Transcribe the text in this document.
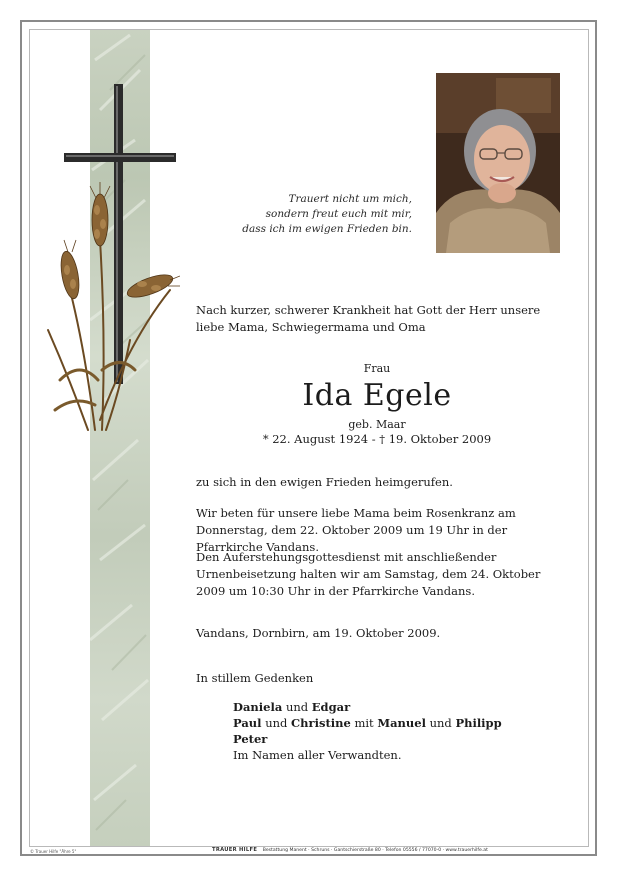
Trauert nicht um mich,
sondern freut euch mit mir,
dass ich im ewigen Frieden bin.
Nach kurzer, schwerer Krankheit hat Gott der Herr unsere liebe Mama, Schwiegermama und Oma
Frau
Ida Egele
geb. Maar
* 22. August 1924 - † 19. Oktober 2009
zu sich in den ewigen Frieden heimgerufen.
Wir beten für unsere liebe Mama beim Rosenkranz am Donnerstag, dem 22. Oktober 2009 um 19 Uhr in der Pfarrkirche Vandans.
Den Auferstehungsgottesdienst mit anschließender Urnenbeisetzung halten wir am Samstag, dem 24. Oktober 2009 um 10:30 Uhr in der Pfarrkirche Vandans.
Vandans, Dornbirn, am 19. Oktober 2009.
In stillem Gedenken
Daniela und Edgar
Paul und Christine mit Manuel und Philipp
Peter
Im Namen aller Verwandten.
© Trauer Hilfe "Ähre 5"	TRAUER HILFE Bestattung Manent · Schruns · Gantschierstraße 80 · Telefon 05556 / 77070-0 · www.trauerhilfe.at
